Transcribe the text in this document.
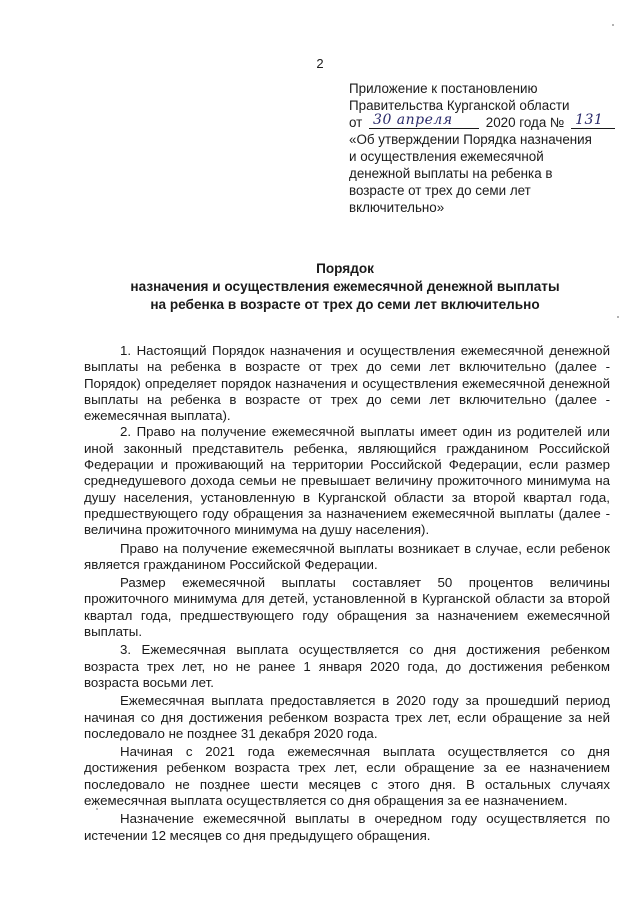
2
Приложение к постановлению
Правительства Курганской области
от 30 апреля 2020 года № 131
«Об утверждении Порядка назначения
и осуществления ежемесячной
денежной выплаты на ребенка в
возрасте от трех до семи лет
включительно»
Порядок
назначения и осуществления ежемесячной денежной выплаты
на ребенка в возрасте от трех до семи лет включительно

1. Настоящий Порядок назначения и осуществления ежемесячной денежной выплаты на ребенка в возрасте от трех до семи лет включительно (далее - Порядок) определяет порядок назначения и осуществления ежемесячной денежной выплаты на ребенка в возрасте от трех до семи лет включительно (далее - ежемесячная выплата).

2. Право на получение ежемесячной выплаты имеет один из родителей или иной законный представитель ребенка, являющийся гражданином Российской Федерации и проживающий на территории Российской Федерации, если размер среднедушевого дохода семьи не превышает величину прожиточного минимума на душу населения, установленную в Курганской области за второй квартал года, предшествующего году обращения за назначением ежемесячной выплаты (далее - величина прожиточного минимума на душу населения).

Право на получение ежемесячной выплаты возникает в случае, если ребенок является гражданином Российской Федерации.

Размер ежемесячной выплаты составляет 50 процентов величины прожиточного минимума для детей, установленной в Курганской области за второй квартал года, предшествующего году обращения за назначением ежемесячной выплаты.

3. Ежемесячная выплата осуществляется со дня достижения ребенком возраста трех лет, но не ранее 1 января 2020 года, до достижения ребенком возраста восьми лет.

Ежемесячная выплата предоставляется в 2020 году за прошедший период начиная со дня достижения ребенком возраста трех лет, если обращение за ней последовало не позднее 31 декабря 2020 года.

Начиная с 2021 года ежемесячная выплата осуществляется со дня достижения ребенком возраста трех лет, если обращение за ее назначением последовало не позднее шести месяцев с этого дня. В остальных случаях ежемесячная выплата осуществляется со дня обращения за ее назначением.

Назначение ежемесячной выплаты в очередном году осуществляется по истечении 12 месяцев со дня предыдущего обращения.
